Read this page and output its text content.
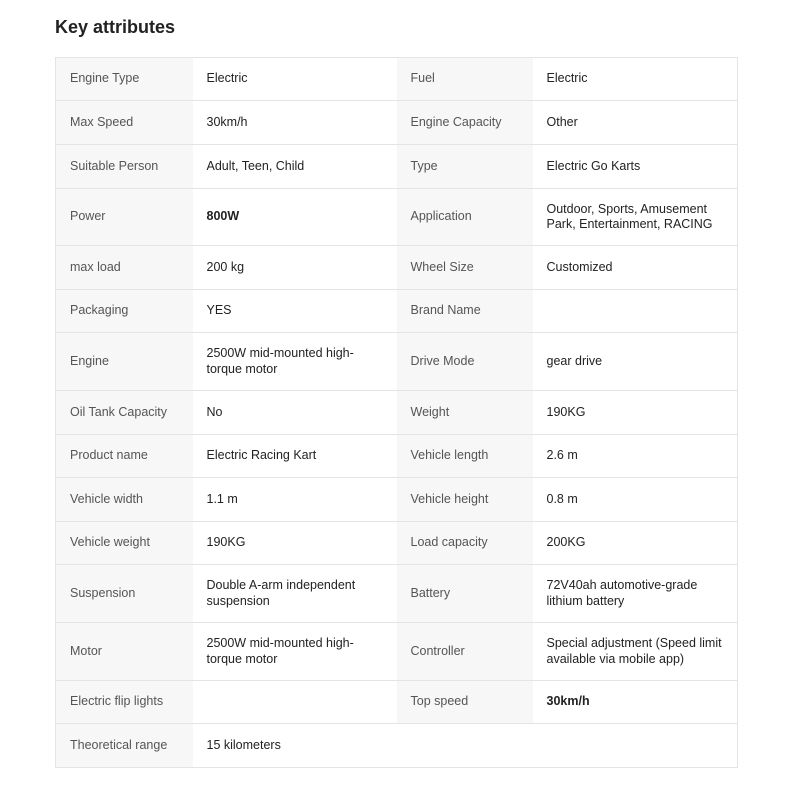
Key attributes
Engine Type	Electric	Fuel	Electric
Max Speed	30km/h	Engine Capacity	Other
Suitable Person	Adult, Teen, Child	Type	Electric Go Karts
Power	800W	Application	Outdoor, Sports, Amusement Park, Entertainment, RACING
max load	200 kg	Wheel Size	Customized
Packaging	YES	Brand Name	
Engine	2500W mid-mounted high-torque motor	Drive Mode	gear drive
Oil Tank Capacity	No	Weight	190KG
Product name	Electric Racing Kart	Vehicle length	2.6 m
Vehicle width	1.1 m	Vehicle height	0.8 m
Vehicle weight	190KG	Load capacity	200KG
Suspension	Double A-arm independent suspension	Battery	72V40ah automotive-grade lithium battery
Motor	2500W mid-mounted high-torque motor	Controller	Special adjustment (Speed limit available via mobile app)
Electric flip lights		Top speed	30km/h
Theoretical range	15 kilometers		
